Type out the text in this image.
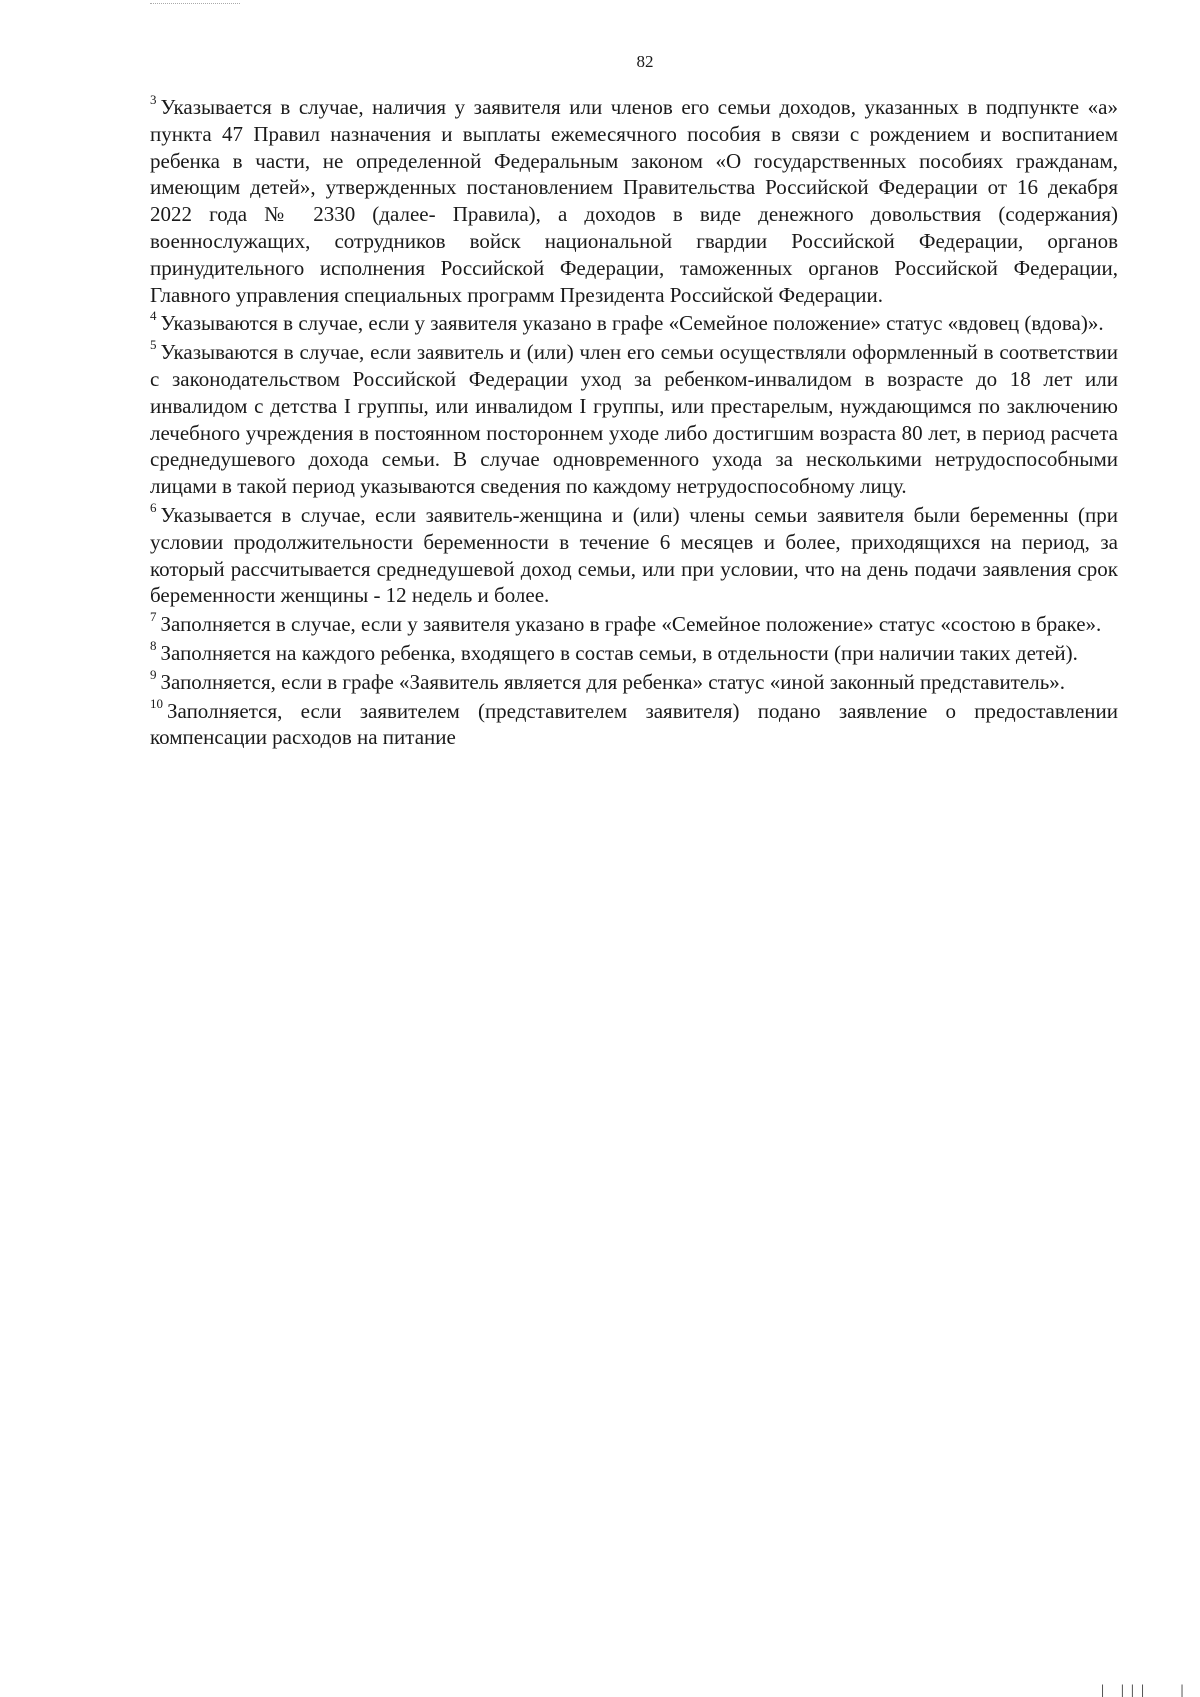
82

$^3$ Указывается в случае, наличия у заявителя или членов его семьи доходов, указанных в подпункте «а» пункта 47 Правил назначения и выплаты ежемесячного пособия в связи с рождением и воспитанием ребенка в части, не определенной Федеральным законом «О государственных пособиях гражданам, имеющим детей», утвержденных постановлением Правительства Российской Федерации от 16 декабря 2022 года № 2330 (далее- Правила), а доходов в виде денежного довольствия (содержания) военнослужащих, сотрудников войск национальной гвардии Российской Федерации, органов принудительного исполнения Российской Федерации, таможенных органов Российской Федерации, Главного управления специальных программ Президента Российской Федерации.

$^4$ Указываются в случае, если у заявителя указано в графе «Семейное положение» статус «вдовец (вдова)».

$^5$ Указываются в случае, если заявитель и (или) член его семьи осуществляли оформленный в соответствии с законодательством Российской Федерации уход за ребенком-инвалидом в возрасте до 18 лет или инвалидом с детства I группы, или инвалидом I группы, или престарелым, нуждающимся по заключению лечебного учреждения в постоянном постороннем уходе либо достигшим возраста 80 лет, в период расчета среднедушевого дохода семьи. В случае одновременного ухода за несколькими нетрудоспособными лицами в такой период указываются сведения по каждому нетрудоспособному лицу.

$^6$ Указывается в случае, если заявитель-женщина и (или) члены семьи заявителя были беременны (при условии продолжительности беременности в течение 6 месяцев и более, приходящихся на период, за который рассчитывается среднедушевой доход семьи, или при условии, что на день подачи заявления срок беременности женщины - 12 недель и более.

$^7$ Заполняется в случае, если у заявителя указано в графе «Семейное положение» статус «состою в браке».

$^8$ Заполняется на каждого ребенка, входящего в состав семьи, в отдельности (при наличии таких детей).

$^9$ Заполняется, если в графе «Заявитель является для ребенка» статус «иной законный представитель».

$^{10}$ Заполняется, если заявителем (представителем заявителя) подано заявление о предоставлении компенсации расходов на питание

| |||   |
